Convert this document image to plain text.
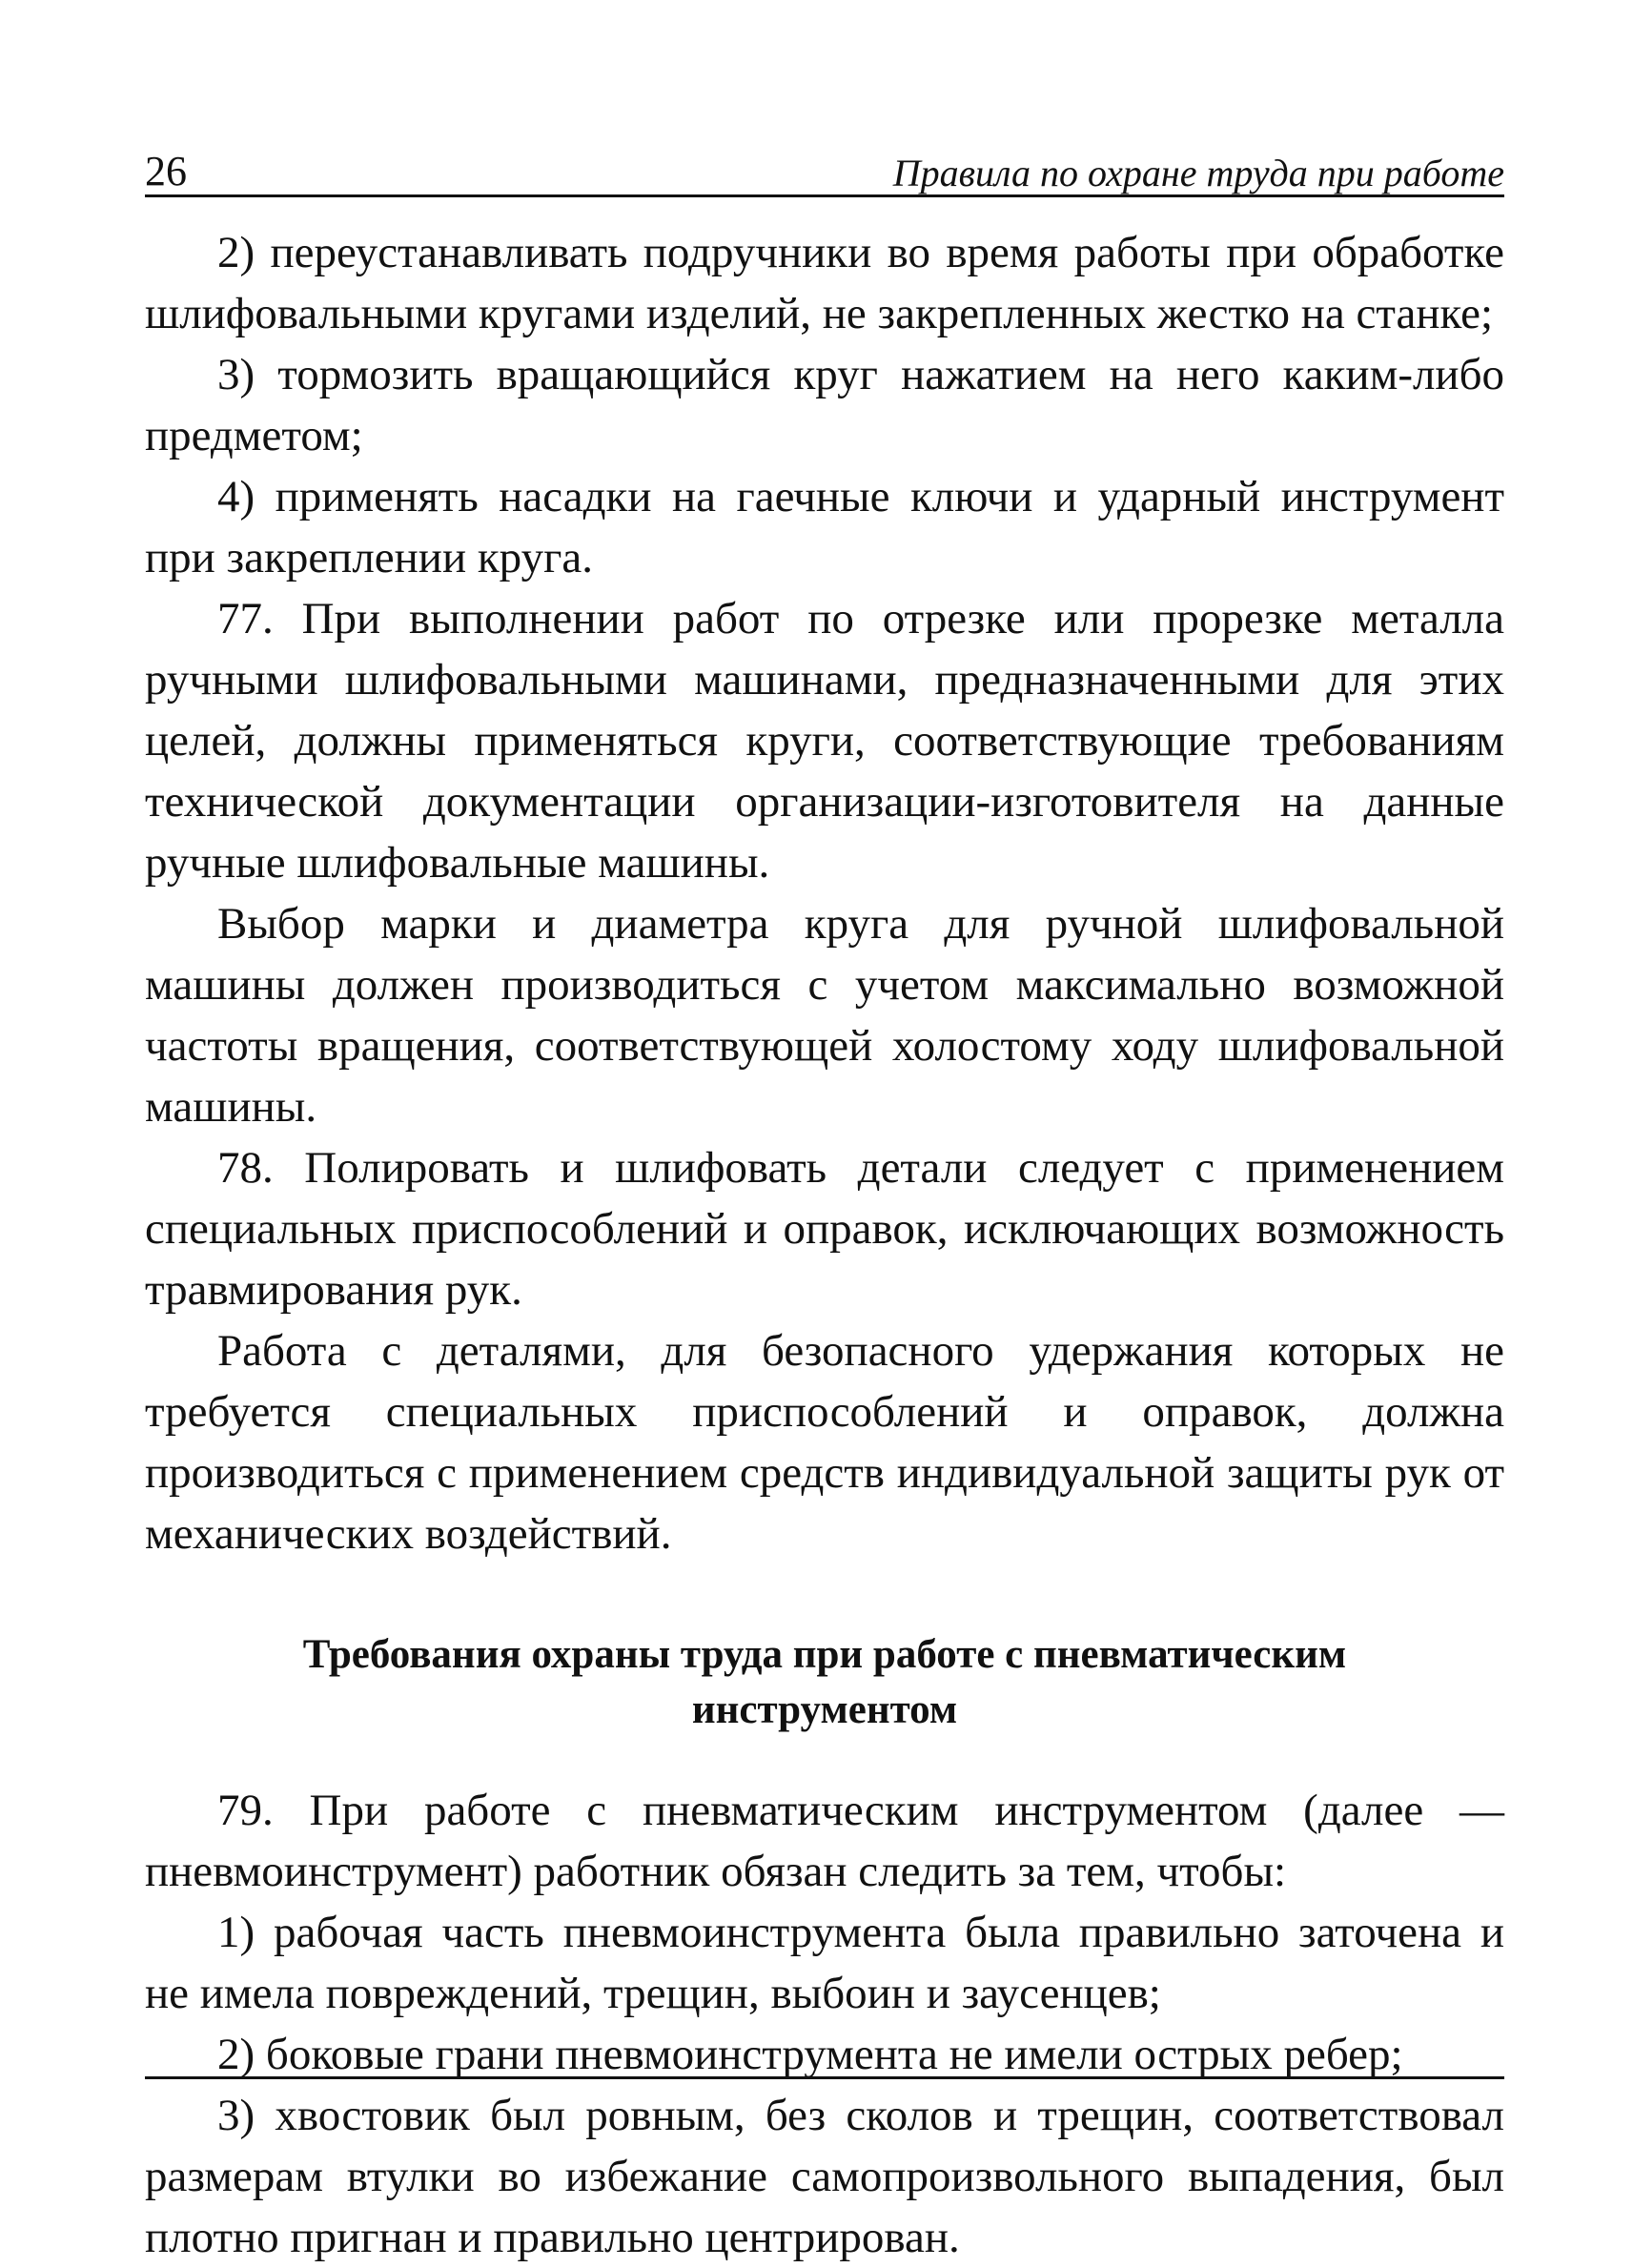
26	Правила по охране труда при работе

2) переустанавливать подручники во время работы при обработке шлифовальными кругами изделий, не закрепленных жестко на станке;

3) тормозить вращающийся круг нажатием на него каким-либо предметом;

4) применять насадки на гаечные ключи и ударный инструмент при закреплении круга.

77. При выполнении работ по отрезке или прорезке металла ручными шлифовальными машинами, предназначенными для этих целей, должны применяться круги, соответствующие требованиям технической документации организации-изготовителя на данные ручные шлифовальные машины.

Выбор марки и диаметра круга для ручной шлифовальной машины должен производиться с учетом максимально возможной частоты вращения, соответствующей холостому ходу шлифовальной машины.

78. Полировать и шлифовать детали следует с применением специальных приспособлений и оправок, исключающих возможность травмирования рук.

Работа с деталями, для безопасного удержания которых не требуется специальных приспособлений и оправок, должна производиться с применением средств индивидуальной защиты рук от механических воздействий.

Требования охраны труда при работе с пневматическим
инструментом

79. При работе с пневматическим инструментом (далее — пневмоинструмент) работник обязан следить за тем, чтобы:

1) рабочая часть пневмоинструмента была правильно заточена и не имела повреждений, трещин, выбоин и заусенцев;

2) боковые грани пневмоинструмента не имели острых ребер;

3) хвостовик был ровным, без сколов и трещин, соответствовал размерам втулки во избежание самопроизвольного выпадения, был плотно пригнан и правильно центрирован.
